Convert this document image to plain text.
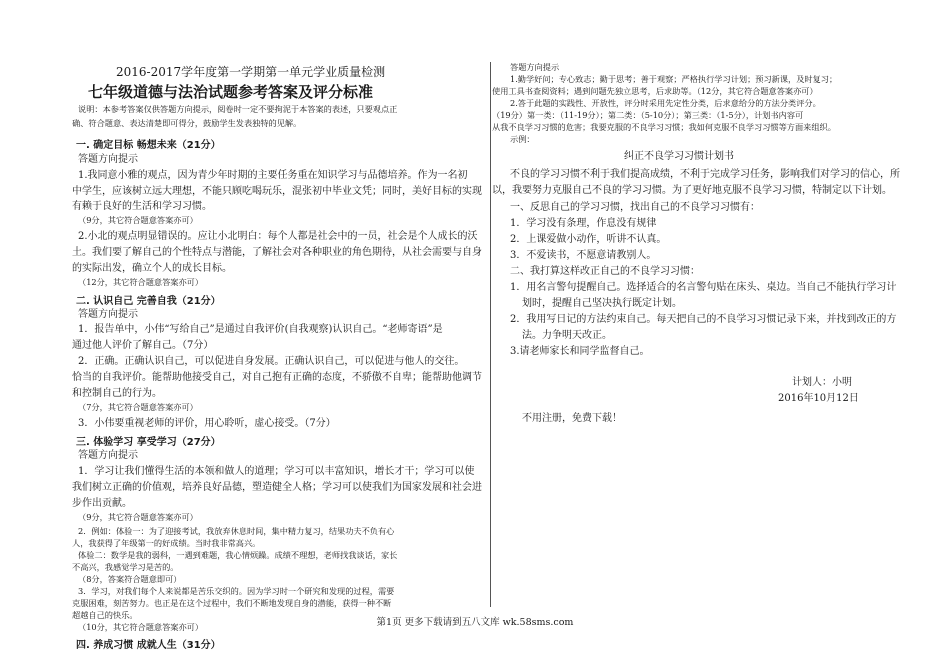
2016-2017学年度第一学期第一单元学业质量检测
七年级道德与法治试题参考答案及评分标准
说明：本参考答案仅供答题方向提示，阅卷时一定不要拘泥于本答案的表述，只要观点正
确、符合题意、表达清楚即可得分，鼓励学生发表独特的见解。
一. 确定目标 畅想未来（21分）
答题方向提示
1.我同意小雅的观点，因为青少年时期的主要任务重在知识学习与品德培养。作为一名初
中学生，应该树立远大理想，不能只顾吃喝玩乐，混张初中毕业文凭；同时，美好目标的实现
有赖于良好的生活和学习习惯。
（9分，其它符合题意答案亦可）
2.小北的观点明显错误的。应让小北明白：每个人都是社会中的一员，社会是个人成长的沃
土。我们要了解自己的个性特点与潜能，了解社会对各种职业的角色期待，从社会需要与自身
的实际出发，确立个人的成长目标。
（12分，其它符合题意答案亦可）
二. 认识自己 完善自我（21分）
答题方向提示
1．报告单中，小伟“写给自己”是通过自我评价(自我观察)认识自己。“老师寄语”是
通过他人评价了解自己。（7分）
2．正确。正确认识自己，可以促进自身发展。正确认识自己，可以促进与他人的交往。
恰当的自我评价。能帮助他接受自己，对自己抱有正确的态度，不骄傲不自卑；能帮助他调节
和控制自己的行为。
（7分，其它符合题意答案亦可）
3．小伟要重视老师的评价，用心聆听，虚心接受。（7分）
三. 体验学习 享受学习（27分）
答题方向提示
1．学习让我们懂得生活的本领和做人的道理；学习可以丰富知识，增长才干；学习可以使
我们树立正确的价值观，培养良好品德，塑造健全人格；学习可以使我们为国家发展和社会进
步作出贡献。
（9分，其它符合题意答案亦可）
2．例如：体验一：为了迎接考试，我放弃休息时间，集中精力复习，结果功夫不负有心
人，我获得了年级第一的好成绩。当时我非常高兴。
体验二：数学是我的弱科，一遇到难题，我心情烦躁。成绩不理想，老师找我谈话，家长
不高兴，我感觉学习是苦的。
（8分，答案符合题意即可）
3．学习，对我们每个人来说都是苦乐交织的。因为学习时一个研究和发现的过程，需要
克服困难，刻苦努力。也正是在这个过程中，我们不断地发现自身的潜能，获得一种不断
超越自己的快乐。
（10分，其它符合题意答案亦可）
四. 养成习惯 成就人生（31分）
答题方向提示
1.勤学好问；专心致志；勤于思考；善于观察；严格执行学习计划；预习新课，及时复习；
使用工具书查阅资料；遇到问题先独立思考，后求助等。（12分，其它符合题意答案亦可）
2.答于此题的实践性、开放性，评分时采用先定性分类，后求意给分的方法分类评分。
（19分）第一类：（11-19分）；第二类：（5-10分）；第三类：（1-5分），计划书内容可
从我不良学习习惯的危害；我要克服的不良学习习惯；我如何克服不良学习习惯等方面来组织。
示例：
纠正不良学习习惯计划书
不良的学习习惯不利于我们提高成绩，不利于完成学习任务，影响我们对学习的信心，所
以，我要努力克服自己不良的学习习惯。为了更好地克服不良学习习惯，特制定以下计划。
一、反思自己的学习习惯，找出自己的不良学习习惯有：
1．学习没有条理，作息没有规律
2．上课爱做小动作，听讲不认真。
3．不爱读书，不愿意请教别人。
二、我打算这样改正自己的不良学习习惯：
1．用名言警句提醒自己。选择适合的名言警句贴在床头、桌边。当自己不能执行学习计
划时，提醒自己坚决执行既定计划。
2．我用写日记的方法约束自己。每天把自己的不良学习习惯记录下来，并找到改正的方
法。力争明天改正。
3.请老师家长和同学监督自己。
计划人：小明
2016年10月12日
不用注册，免费下载！
第1页 更多下载请到五八文库 wk.58sms.com
